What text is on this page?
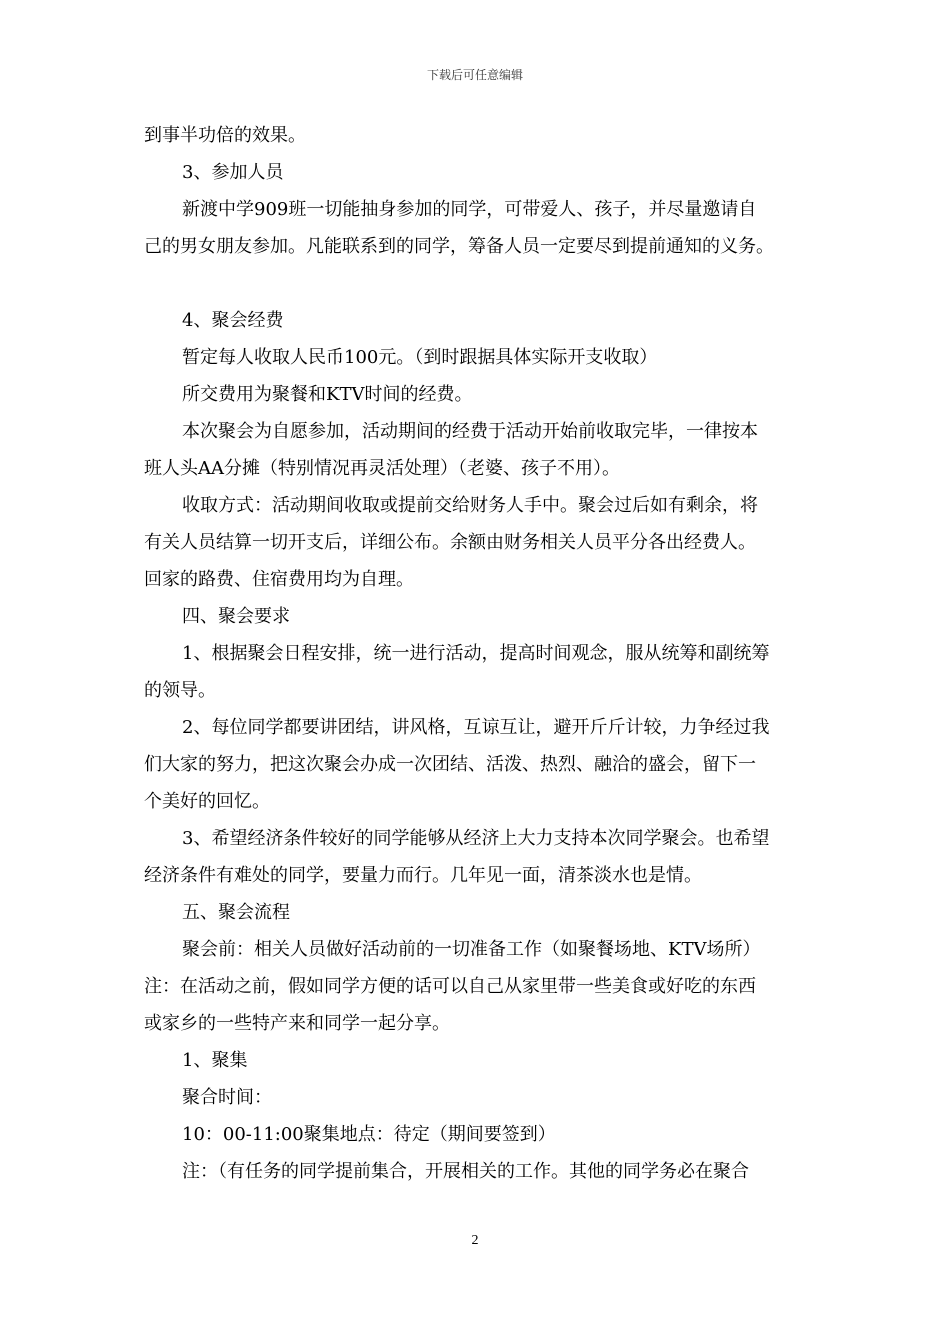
下载后可任意编辑
到事半功倍的效果。
3、参加人员
新渡中学909班一切能抽身参加的同学，可带爱人、孩子，并尽量邀请自
己的男女朋友参加。凡能联系到的同学，筹备人员一定要尽到提前通知的义务。
4、聚会经费
暂定每人收取人民币100元。（到时跟据具体实际开支收取）
所交费用为聚餐和KTV时间的经费。
本次聚会为自愿参加，活动期间的经费于活动开始前收取完毕，一律按本
班人头AA分摊（特别情况再灵活处理）（老婆、孩子不用）。
收取方式：活动期间收取或提前交给财务人手中。聚会过后如有剩余，将
有关人员结算一切开支后，详细公布。余额由财务相关人员平分各出经费人。
回家的路费、住宿费用均为自理。
四、聚会要求
1、根据聚会日程安排，统一进行活动，提高时间观念，服从统筹和副统筹
的领导。
2、每位同学都要讲团结，讲风格，互谅互让，避开斤斤计较，力争经过我
们大家的努力，把这次聚会办成一次团结、活泼、热烈、融洽的盛会，留下一
个美好的回忆。
3、希望经济条件较好的同学能够从经济上大力支持本次同学聚会。也希望
经济条件有难处的同学，要量力而行。几年见一面，清茶淡水也是情。
五、聚会流程
聚会前：相关人员做好活动前的一切准备工作（如聚餐场地、KTV场所）
注：在活动之前，假如同学方便的话可以自己从家里带一些美食或好吃的东西
或家乡的一些特产来和同学一起分享。
1、聚集
聚合时间：
10：00-11:00聚集地点：待定（期间要签到）
注：（有任务的同学提前集合，开展相关的工作。其他的同学务必在聚合
2
